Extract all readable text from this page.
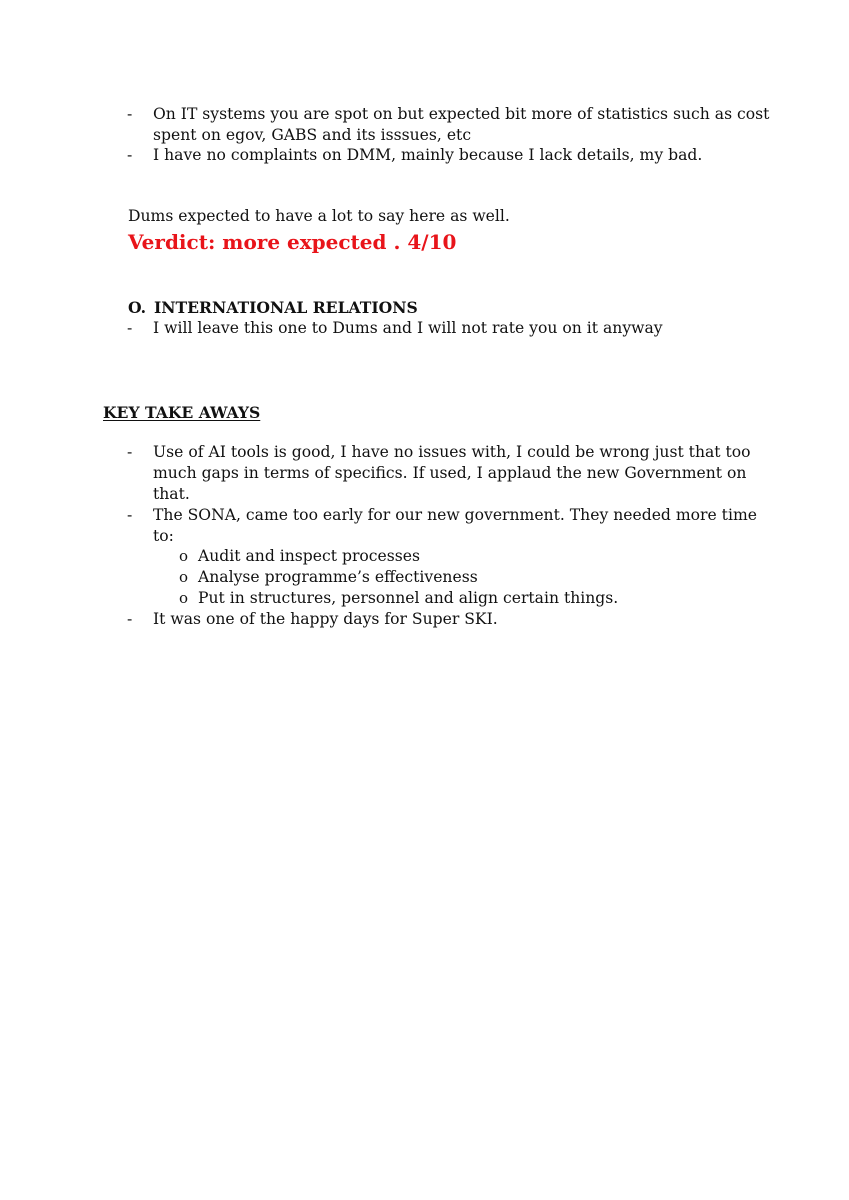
-	On IT systems you are spot on but expected bit more of statistics such as cost
spent on egov, GABS and its isssues, etc
-	I have no complaints on DMM, mainly because I lack details, my bad.

Dums expected to have a lot to say here as well.

Verdict: more expected . 4/10

O. INTERNATIONAL RELATIONS
-	I will leave this one to Dums and I will not rate you on it anyway

KEY TAKE AWAYS

-	Use of AI tools is good, I have no issues with, I could be wrong just that too
much gaps in terms of specifics. If used, I applaud the new Government on
that.
-	The SONA, came too early for our new government. They needed more time
to:
o Audit and inspect processes
o Analyse programme’s effectiveness
o Put in structures, personnel and align certain things.
-	It was one of the happy days for Super SKI.
